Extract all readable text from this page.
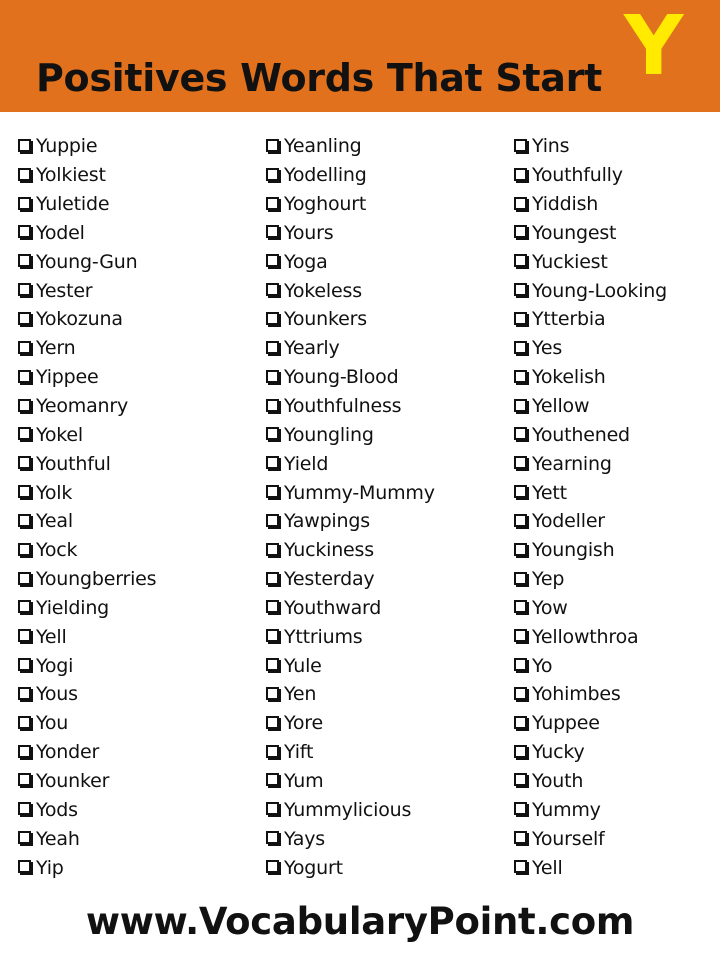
Positives Words That Start Y
Yuppie
Yolkiest
Yuletide
Yodel
Young-Gun
Yester
Yokozuna
Yern
Yippee
Yeomanry
Yokel
Youthful
Yolk
Yeal
Yock
Youngberries
Yielding
Yell
Yogi
Yous
You
Yonder
Younker
Yods
Yeah
Yip
Yeanling
Yodelling
Yoghourt
Yours
Yoga
Yokeless
Younkers
Yearly
Young-Blood
Youthfulness
Youngling
Yield
Yummy-Mummy
Yawpings
Yuckiness
Yesterday
Youthward
Yttriums
Yule
Yen
Yore
Yift
Yum
Yummylicious
Yays
Yogurt
Yins
Youthfully
Yiddish
Youngest
Yuckiest
Young-Looking
Ytterbia
Yes
Yokelish
Yellow
Youthened
Yearning
Yett
Yodeller
Youngish
Yep
Yow
Yellowthroa
Yo
Yohimbes
Yuppee
Yucky
Youth
Yummy
Yourself
Yell
www.VocabularyPoint.com
